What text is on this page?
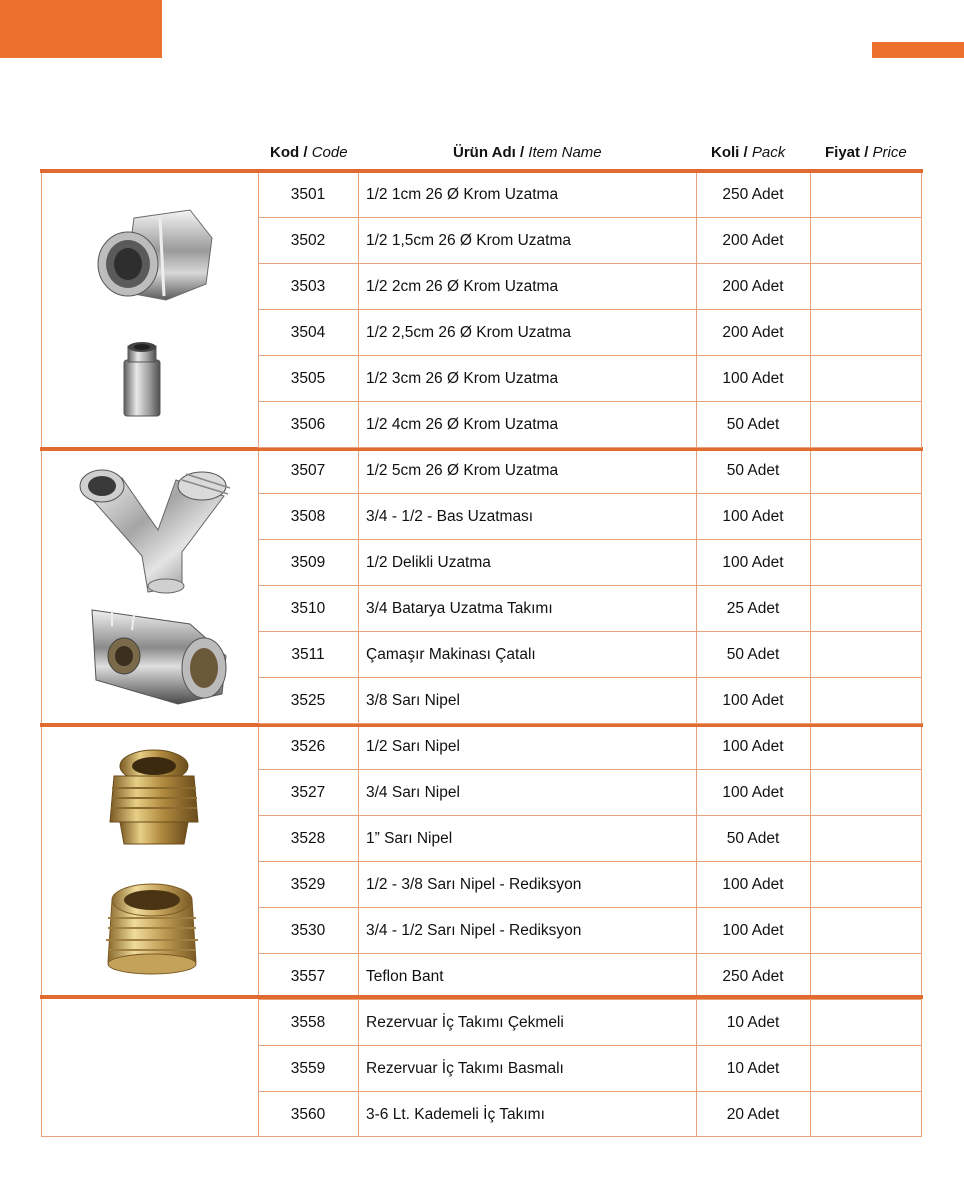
Kod / Code	Ürün Adı / Item Name	Koli / Pack	Fiyat / Price
3501	1/2 1cm 26 Ø Krom Uzatma	250 Adet
3502	1/2 1,5cm 26 Ø Krom Uzatma	200 Adet
3503	1/2 2cm 26 Ø Krom Uzatma	200 Adet
3504	1/2 2,5cm 26 Ø Krom Uzatma	200 Adet
3505	1/2 3cm 26 Ø Krom Uzatma	100 Adet
3506	1/2 4cm 26 Ø Krom Uzatma	50 Adet
3507	1/2 5cm 26 Ø Krom Uzatma	50 Adet
3508	3/4 - 1/2 - Bas Uzatması	100 Adet
3509	1/2 Delikli Uzatma	100 Adet
3510	3/4 Batarya Uzatma Takımı	25 Adet
3511	Çamaşır Makinası Çatalı	50 Adet
3525	3/8 Sarı Nipel	100 Adet
3526	1/2 Sarı Nipel	100 Adet
3527	3/4 Sarı Nipel	100 Adet
3528	1” Sarı Nipel	50 Adet
3529	1/2 - 3/8 Sarı Nipel - Rediksyon	100 Adet
3530	3/4 - 1/2 Sarı Nipel - Rediksyon	100 Adet
3557	Teflon Bant	250 Adet
3558	Rezervuar İç Takımı Çekmeli	10 Adet
3559	Rezervuar İç Takımı Basmalı	10 Adet
3560	3-6 Lt. Kademeli İç Takımı	20 Adet
